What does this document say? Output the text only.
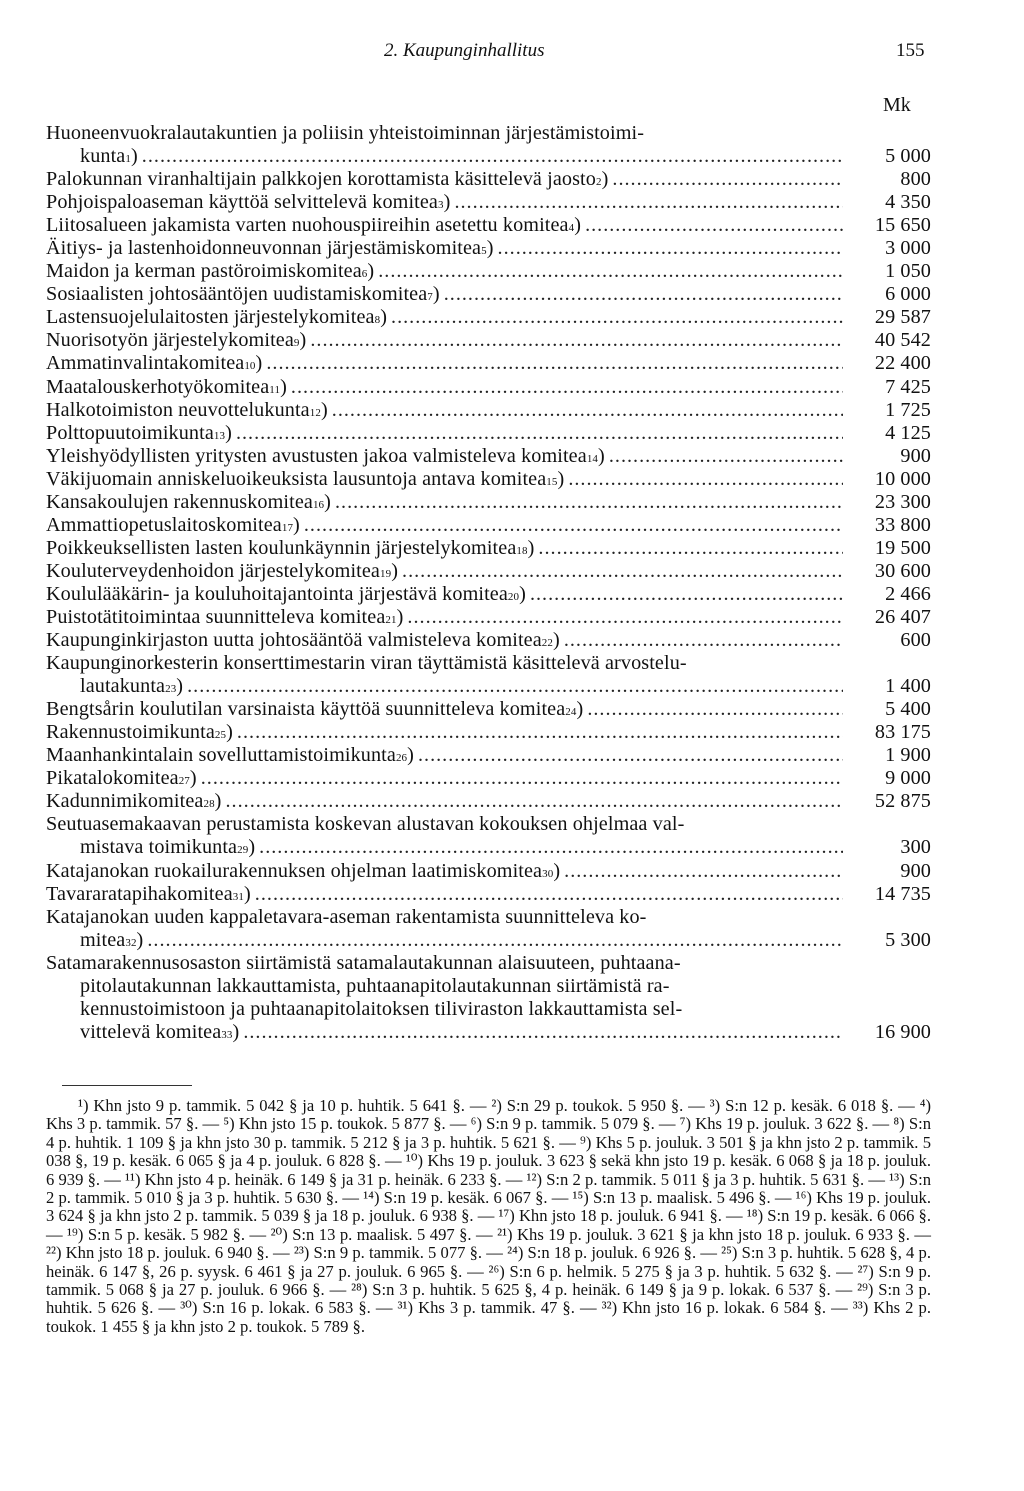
2. Kaupunginhallitus	155
Mk
Huoneenvuokralautakuntien ja poliisin yhteistoiminnan järjestämistoimi-
kunta 1 ) .....	5 000
Palokunnan viranhaltijain palkkojen korottamista käsittelevä jaosto 2 ) .....	800
Pohjoispaloaseman käyttöä selvittelevä komitea 3 ) .....	4 350
Liitosalueen jakamista varten nuohouspiireihin asetettu komitea 4 ) .....	15 650
Äitiys- ja lastenhoidonneuvonnan järjestämiskomitea 5 ) .....	3 000
Maidon ja kerman pastöroimiskomitea 6 ) .....	1 050
Sosiaalisten johtosääntöjen uudistamiskomitea 7 ) .....	6 000
Lastensuojelulaitosten järjestelykomitea 8 ) .....	29 587
Nuorisotyön järjestelykomitea 9 ) .....	40 542
Ammatinvalintakomitea 10 ) .....	22 400
Maatalouskerhotyökomitea 11 ) .....	7 425
Halkotoimiston neuvottelukunta 12 ) .....	1 725
Polttopuutoimikunta 13 ) .....	4 125
Yleishyödyllisten yritysten avustusten jakoa valmisteleva komitea 14 ) .....	900
Väkijuomain anniskeluoikeuksista lausuntoja antava komitea 15 ) .....	10 000
Kansakoulujen rakennuskomitea 16 ) .....	23 300
Ammattiopetuslaitoskomitea 17 ) .....	33 800
Poikkeuksellisten lasten koulunkäynnin järjestelykomitea 18 ) .....	19 500
Kouluterveydenhoidon järjestelykomitea 19 ) .....	30 600
Koululääkärin- ja kouluhoitajantointa järjestävä komitea 20 ) .....	2 466
Puistotätitoimintaa suunnitteleva komitea 21 ) .....	26 407
Kaupunginkirjaston uutta johtosääntöä valmisteleva komitea 22 ) .....	600
Kaupunginorkesterin konserttimestarin viran täyttämistä käsittelevä arvostelu-
lautakunta 23 ) .....	1 400
Bengtsårin koulutilan varsinaista käyttöä suunnitteleva komitea 24 ) .....	5 400
Rakennustoimikunta 25 ) .....	83 175
Maanhankintalain sovelluttamistoimikunta 26 ) .....	1 900
Pikatalokomitea 27 ) .....	9 000
Kadunnimikomitea 28 ) .....	52 875
Seutuasemakaavan perustamista koskevan alustavan kokouksen ohjelmaa val-
mistava toimikunta 29 ) .....	300
Katajanokan ruokailurakennuksen ohjelman laatimiskomitea 30 ) .....	900
Tavararatapihakomitea 31 ) .....	14 735
Katajanokan uuden kappaletavara-aseman rakentamista suunnitteleva ko-
mitea 32 ) .....	5 300
Satamarakennusosaston siirtämistä satamalautakunnan alaisuuteen, puhtaana-
pitolautakunnan lakkauttamista, puhtaanapitolautakunnan siirtämistä ra-
kennustoimistoon ja puhtaanapitolaitoksen tiliviraston lakkauttamista sel-
vittelevä komitea 33 ) .....	16 900

¹) Khn jsto 9 p. tammik. 5 042 § ja 10 p. huhtik. 5 641 §. — ²) S:n 29 p. toukok. 5 950 §. — ³) S:n 12 p. kesäk. 6 018 §. — ⁴) Khs 3 p. tammik. 57 §. — ⁵) Khn jsto 15 p. toukok. 5 877 §. — ⁶) S:n 9 p. tammik. 5 079 §. — ⁷) Khs 19 p. jouluk. 3 622 §. — ⁸) S:n 4 p. huhtik. 1 109 § ja khn jsto 30 p. tammik. 5 212 § ja 3 p. huhtik. 5 621 §. — ⁹) Khs 5 p. jouluk. 3 501 § ja khn jsto 2 p. tammik. 5 038 §, 19 p. kesäk. 6 065 § ja 4 p. jouluk. 6 828 §. — ¹⁰) Khs 19 p. jouluk. 3 623 § sekä khn jsto 19 p. kesäk. 6 068 § ja 18 p. jouluk. 6 939 §. — ¹¹) Khn jsto 4 p. heinäk. 6 149 § ja 31 p. heinäk. 6 233 §. — ¹²) S:n 2 p. tammik. 5 011 § ja 3 p. huhtik. 5 631 §. — ¹³) S:n 2 p. tammik. 5 010 § ja 3 p. huhtik. 5 630 §. — ¹⁴) S:n 19 p. kesäk. 6 067 §. — ¹⁵) S:n 13 p. maalisk. 5 496 §. — ¹⁶) Khs 19 p. jouluk. 3 624 § ja khn jsto 2 p. tammik. 5 039 § ja 18 p. jouluk. 6 938 §. — ¹⁷) Khn jsto 18 p. jouluk. 6 941 §. — ¹⁸) S:n 19 p. kesäk. 6 066 §. — ¹⁹) S:n 5 p. kesäk. 5 982 §. — ²⁰) S:n 13 p. maalisk. 5 497 §. — ²¹) Khs 19 p. jouluk. 3 621 § ja khn jsto 18 p. jouluk. 6 933 §. — ²²) Khn jsto 18 p. jouluk. 6 940 §. — ²³) S:n 9 p. tammik. 5 077 §. — ²⁴) S:n 18 p. jouluk. 6 926 §. — ²⁵) S:n 3 p. huhtik. 5 628 §, 4 p. heinäk. 6 147 §, 26 p. syysk. 6 461 § ja 27 p. jouluk. 6 965 §. — ²⁶) S:n 6 p. helmik. 5 275 § ja 3 p. huhtik. 5 632 §. — ²⁷) S:n 9 p. tammik. 5 068 § ja 27 p. jouluk. 6 966 §. — ²⁸) S:n 3 p. huhtik. 5 625 §, 4 p. heinäk. 6 149 § ja 9 p. lokak. 6 537 §. — ²⁹) S:n 3 p. huhtik. 5 626 §. — ³⁰) S:n 16 p. lokak. 6 583 §. — ³¹) Khs 3 p. tammik. 47 §. — ³²) Khn jsto 16 p. lokak. 6 584 §. — ³³) Khs 2 p. toukok. 1 455 § ja khn jsto 2 p. toukok. 5 789 §.
